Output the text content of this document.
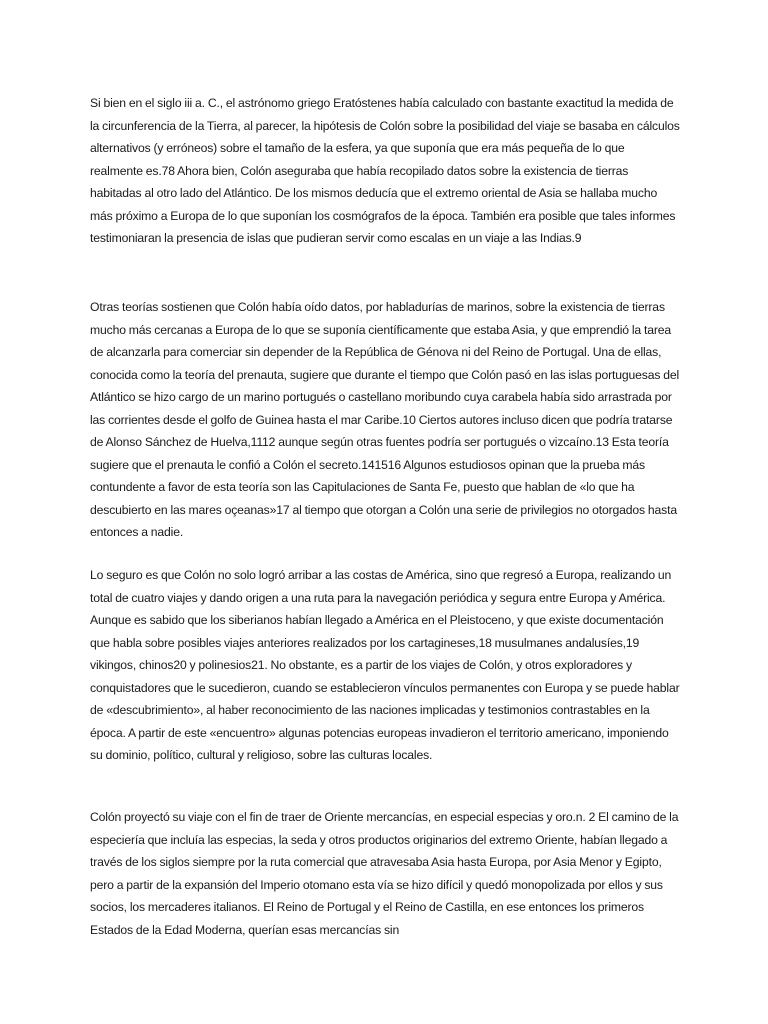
Si bien en el siglo iii a. C., el astrónomo griego Eratóstenes había calculado con bastante exactitud la medida de la circunferencia de la Tierra, al parecer, la hipótesis de Colón sobre la posibilidad del viaje se basaba en cálculos alternativos (y erróneos) sobre el tamaño de la esfera, ya que suponía que era más pequeña de lo que realmente es.78 Ahora bien, Colón aseguraba que había recopilado datos sobre la existencia de tierras habitadas al otro lado del Atlántico. De los mismos deducía que el extremo oriental de Asia se hallaba mucho más próximo a Europa de lo que suponían los cosmógrafos de la época. También era posible que tales informes testimoniaran la presencia de islas que pudieran servir como escalas en un viaje a las Indias.9

Otras teorías sostienen que Colón había oído datos, por habladurías de marinos, sobre la existencia de tierras mucho más cercanas a Europa de lo que se suponía científicamente que estaba Asia, y que emprendió la tarea de alcanzarla para comerciar sin depender de la República de Génova ni del Reino de Portugal. Una de ellas, conocida como la teoría del prenauta, sugiere que durante el tiempo que Colón pasó en las islas portuguesas del Atlántico se hizo cargo de un marino portugués o castellano moribundo cuya carabela había sido arrastrada por las corrientes desde el golfo de Guinea hasta el mar Caribe.10 Ciertos autores incluso dicen que podría tratarse de Alonso Sánchez de Huelva,1112 aunque según otras fuentes podría ser portugués o vizcaíno.13 Esta teoría sugiere que el prenauta le confió a Colón el secreto.141516 Algunos estudiosos opinan que la prueba más contundente a favor de esta teoría son las Capitulaciones de Santa Fe, puesto que hablan de «lo que ha descubierto en las mares oçeanas»17 al tiempo que otorgan a Colón una serie de privilegios no otorgados hasta entonces a nadie.

Lo seguro es que Colón no solo logró arribar a las costas de América, sino que regresó a Europa, realizando un total de cuatro viajes y dando origen a una ruta para la navegación periódica y segura entre Europa y América. Aunque es sabido que los siberianos habían llegado a América en el Pleistoceno, y que existe documentación que habla sobre posibles viajes anteriores realizados por los cartagineses,18 musulmanes andalusíes,19 vikingos, chinos20 y polinesios21. No obstante, es a partir de los viajes de Colón, y otros exploradores y conquistadores que le sucedieron, cuando se establecieron vínculos permanentes con Europa y se puede hablar de «descubrimiento», al haber reconocimiento de las naciones implicadas y testimonios contrastables en la época. A partir de este «encuentro» algunas potencias europeas invadieron el territorio americano, imponiendo su dominio, político, cultural y religioso, sobre las culturas locales.

Colón proyectó su viaje con el fin de traer de Oriente mercancías, en especial especias y oro.n. 2 El camino de la especiería que incluía las especias, la seda y otros productos originarios del extremo Oriente, habían llegado a través de los siglos siempre por la ruta comercial que atravesaba Asia hasta Europa, por Asia Menor y Egipto, pero a partir de la expansión del Imperio otomano esta vía se hizo difícil y quedó monopolizada por ellos y sus socios, los mercaderes italianos. El Reino de Portugal y el Reino de Castilla, en ese entonces los primeros Estados de la Edad Moderna, querían esas mercancías sin
